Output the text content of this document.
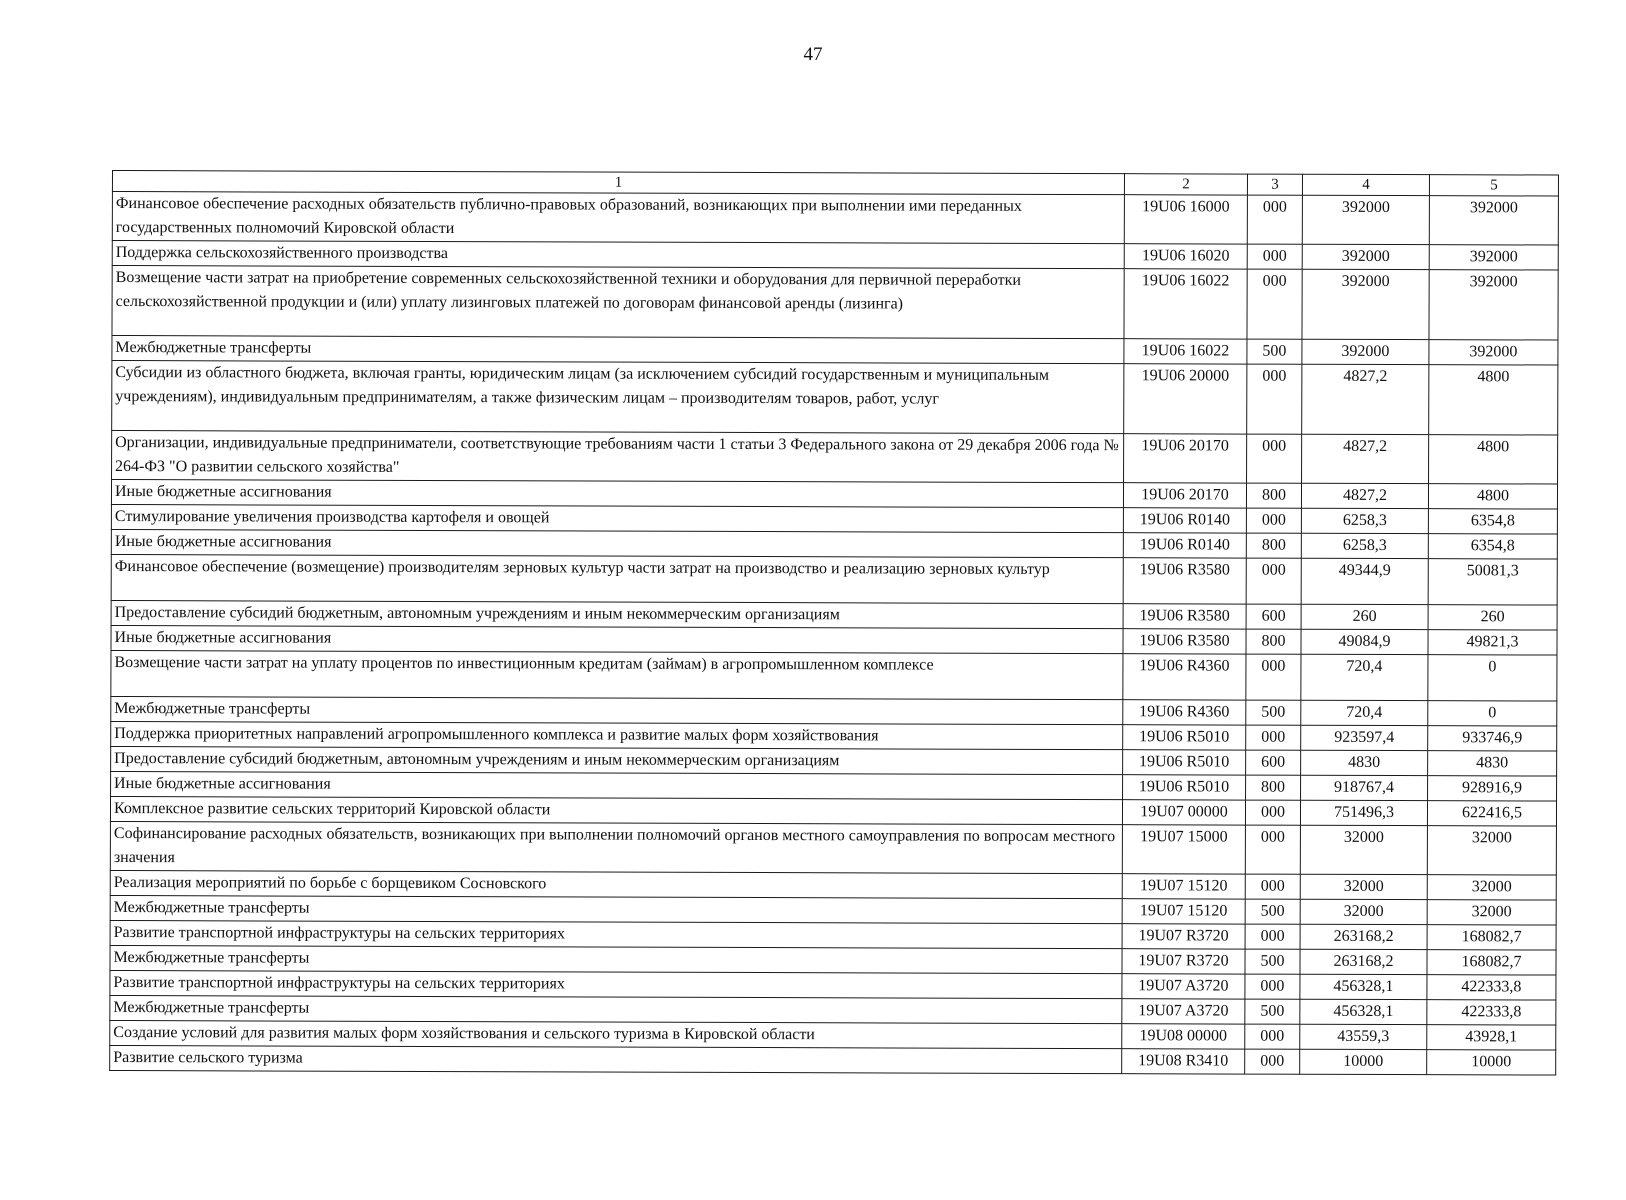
47
1	2	3	4	5
Финансовое обеспечение расходных обязательств публично-правовых образований, возникающих при выполнении ими переданных государственных полномочий Кировской области	19U06 16000	000	392000	392000
Поддержка сельскохозяйственного производства	19U06 16020	000	392000	392000
Возмещение части затрат на приобретение современных сельскохозяйственной техники и оборудования для первичной переработки сельскохозяйственной продукции и (или) уплату лизинговых платежей по договорам финансовой аренды (лизинга)	19U06 16022	000	392000	392000
Межбюджетные трансферты	19U06 16022	500	392000	392000
Субсидии из областного бюджета, включая гранты, юридическим лицам (за исключением субсидий государственным и муниципальным учреждениям), индивидуальным предпринимателям, а также физическим лицам – производителям товаров, работ, услуг	19U06 20000	000	4827,2	4800
Организации, индивидуальные предприниматели, соответствующие требованиям части 1 статьи 3 Федерального закона от 29 декабря 2006 года № 264-ФЗ "О развитии сельского хозяйства"	19U06 20170	000	4827,2	4800
Иные бюджетные ассигнования	19U06 20170	800	4827,2	4800
Стимулирование увеличения производства картофеля и овощей	19U06 R0140	000	6258,3	6354,8
Иные бюджетные ассигнования	19U06 R0140	800	6258,3	6354,8
Финансовое обеспечение (возмещение) производителям зерновых культур части затрат на производство и реализацию зерновых культур	19U06 R3580	000	49344,9	50081,3
Предоставление субсидий бюджетным, автономным учреждениям и иным некоммерческим организациям	19U06 R3580	600	260	260
Иные бюджетные ассигнования	19U06 R3580	800	49084,9	49821,3
Возмещение части затрат на уплату процентов по инвестиционным кредитам (займам) в агропромышленном комплексе	19U06 R4360	000	720,4	0
Межбюджетные трансферты	19U06 R4360	500	720,4	0
Поддержка приоритетных направлений агропромышленного комплекса и развитие малых форм хозяйствования	19U06 R5010	000	923597,4	933746,9
Предоставление субсидий бюджетным, автономным учреждениям и иным некоммерческим организациям	19U06 R5010	600	4830	4830
Иные бюджетные ассигнования	19U06 R5010	800	918767,4	928916,9
Комплексное развитие сельских территорий Кировской области	19U07 00000	000	751496,3	622416,5
Софинансирование расходных обязательств, возникающих при выполнении полномочий органов местного самоуправления по вопросам местного значения	19U07 15000	000	32000	32000
Реализация мероприятий по борьбе с борщевиком Сосновского	19U07 15120	000	32000	32000
Межбюджетные трансферты	19U07 15120	500	32000	32000
Развитие транспортной инфраструктуры на сельских территориях	19U07 R3720	000	263168,2	168082,7
Межбюджетные трансферты	19U07 R3720	500	263168,2	168082,7
Развитие транспортной инфраструктуры на сельских территориях	19U07 A3720	000	456328,1	422333,8
Межбюджетные трансферты	19U07 A3720	500	456328,1	422333,8
Создание условий для развития малых форм хозяйствования и сельского туризма в Кировской области	19U08 00000	000	43559,3	43928,1
Развитие сельского туризма	19U08 R3410	000	10000	10000
